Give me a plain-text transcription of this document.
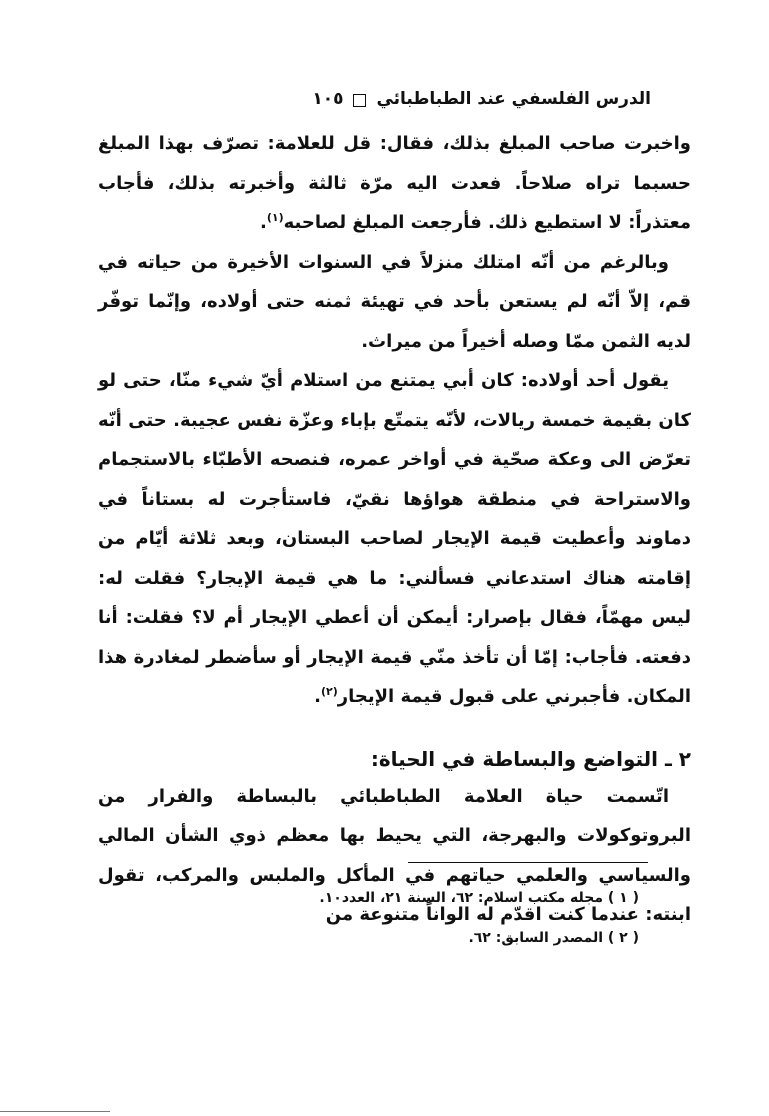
الدرس الفلسفي عند الطباطبائي
١٠٥

واخبرت صاحب المبلغ بذلك، فقال: قل للعلامة: تصرّف بهذا المبلغ حسبما تراه صلاحاً. فعدت اليه مرّة ثالثة وأخبرته بذلك، فأجاب معتذراً: لا استطيع ذلك. فأرجعت المبلغ لصاحبه$^{(١)}$.

وبالرغم من أنّه امتلك منزلاً في السنوات الأخيرة من حياته في قم، إلاّ أنّه لم يستعن بأحد في تهيئة ثمنه حتى أولاده، وإنّما توفّر لديه الثمن ممّا وصله أخيراً من ميراث.

يقول أحد أولاده: كان أبي يمتنع من استلام أيّ شيء منّا، حتى لو كان بقيمة خمسة ريالات، لأنّه يتمتّع بإباء وعزّة نفس عجيبة. حتى أنّه تعرّض الى وعكة صحّية في أواخر عمره، فنصحه الأطبّاء بالاستجمام والاستراحة في منطقة هواؤها نقيّ، فاستأجرت له بستاناً في دماوند وأعطيت قيمة الإيجار لصاحب البستان، وبعد ثلاثة أيّام من إقامته هناك استدعاني فسألني: ما هي قيمة الإيجار؟ فقلت له: ليس مهمّاً، فقال بإصرار: أيمكن أن أعطي الإيجار أم لا؟ فقلت: أنا دفعته. فأجاب: إمّا أن تأخذ منّي قيمة الإيجار أو سأضطر لمغادرة هذا المكان. فأجبرني على قبول قيمة الإيجار$^{(٢)}$.

٢ ـ التواضع والبساطة في الحياة:

اتّسمت حياة العلامة الطباطبائي بالبساطة والفرار من البروتوكولات والبهرجة، التي يحيط بها معظم ذوي الشأن المالي والسياسي والعلمي حياتهم في المأكل والملبس والمركب، تقول ابنته: عندما كنت اقدّم له الواناً متنوعة من

( ١ ) مجله مكتب اسلام: ٦٢، السنة ٢١، العدد١٠.

( ٢ ) المصدر السابق: ٦٢.
